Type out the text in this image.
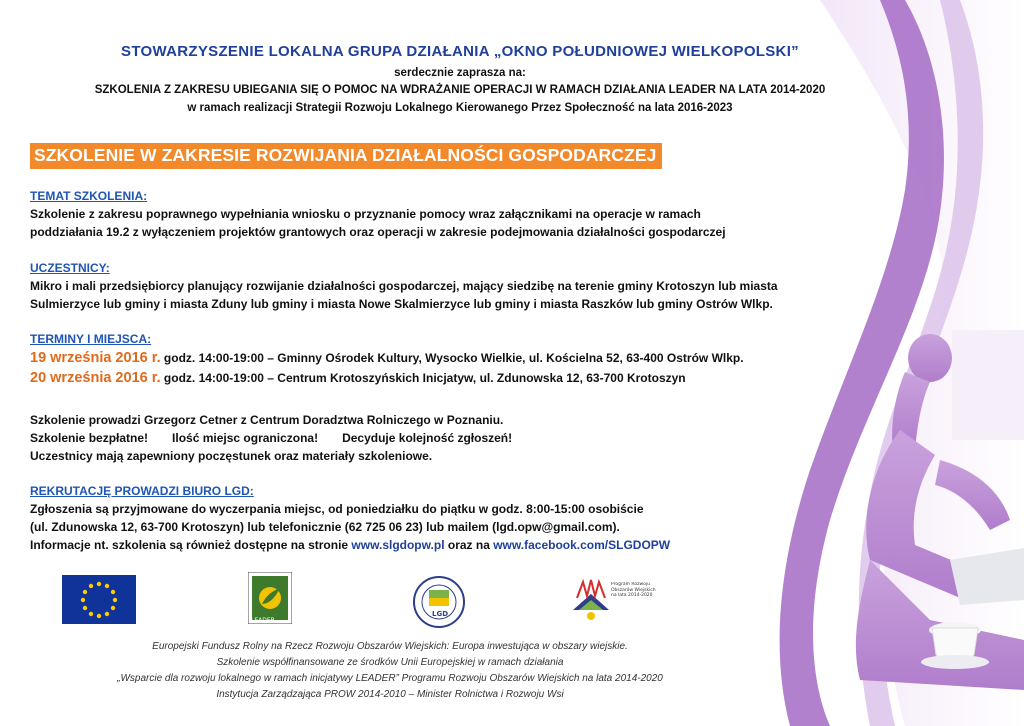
STOWARZYSZENIE LOKALNA GRUPA DZIAŁANIA „OKNO POŁUDNIOWEJ WIELKOPOLSKI”
serdecznie zaprasza na:
SZKOLENIA Z ZAKRESU UBIEGANIA SIĘ O POMOC NA WDRAŻANIE OPERACJI W RAMACH DZIAŁANIA LEADER NA LATA 2014-2020
w ramach realizacji Strategii Rozwoju Lokalnego Kierowanego Przez Społeczność na lata 2016-2023
SZKOLENIE W ZAKRESIE ROZWIJANIA DZIAŁALNOŚCI GOSPODARCZEJ
TEMAT SZKOLENIA:
Szkolenie z zakresu poprawnego wypełniania wniosku o przyznanie pomocy wraz załącznikami na operacje w ramach
poddziałania 19.2 z wyłączeniem projektów grantowych oraz operacji w zakresie podejmowania działalności gospodarczej
UCZESTNICY:
Mikro i mali przedsiębiorcy planujący rozwijanie działalności gospodarczej, mający siedzibę na terenie gminy Krotoszyn lub miasta
Sulmierzyce lub gminy i miasta Zduny lub gminy i miasta Nowe Skalmierzyce lub gminy i miasta Raszków lub gminy Ostrów Wlkp.
TERMINY I MIEJSCA:
19 września 2016 r. godz. 14:00-19:00 – Gminny Ośrodek Kultury, Wysocko Wielkie, ul. Kościelna 52, 63-400 Ostrów Wlkp.
20 września 2016 r. godz. 14:00-19:00 – Centrum Krotoszyńskich Inicjatyw, ul. Zdunowska 12, 63-700 Krotoszyn
Szkolenie prowadzi Grzegorz Cetner z Centrum Doradztwa Rolniczego w Poznaniu.
Szkolenie bezpłatne! Ilość miejsc ograniczona! Decyduje kolejność zgłoszeń!
Uczestnicy mają zapewniony poczęstunek oraz materiały szkoleniowe.
REKRUTACJĘ PROWADZI BIURO LGD:
Zgłoszenia są przyjmowane do wyczerpania miejsc, od poniedziałku do piątku w godz. 8:00-15:00 osobiście
(ul. Zdunowska 12, 63-700 Krotoszyn) lub telefonicznie (62 725 06 23) lub mailem (lgd.opw@gmail.com).
Informacje nt. szkolenia są również dostępne na stronie www.slgdopw.pl oraz na www.facebook.com/SLGDOPW
LEADER
LGD
Program Rozwoju Obszarów Wiejskich na lata 2014-2020
Europejski Fundusz Rolny na Rzecz Rozwoju Obszarów Wiejskich: Europa inwestująca w obszary wiejskie.
Szkolenie współfinansowane ze środków Unii Europejskiej w ramach działania
„Wsparcie dla rozwoju lokalnego w ramach inicjatywy LEADER” Programu Rozwoju Obszarów Wiejskich na lata 2014-2020
Instytucja Zarządzająca PROW 2014-2010 – Minister Rolnictwa i Rozwoju Wsi
